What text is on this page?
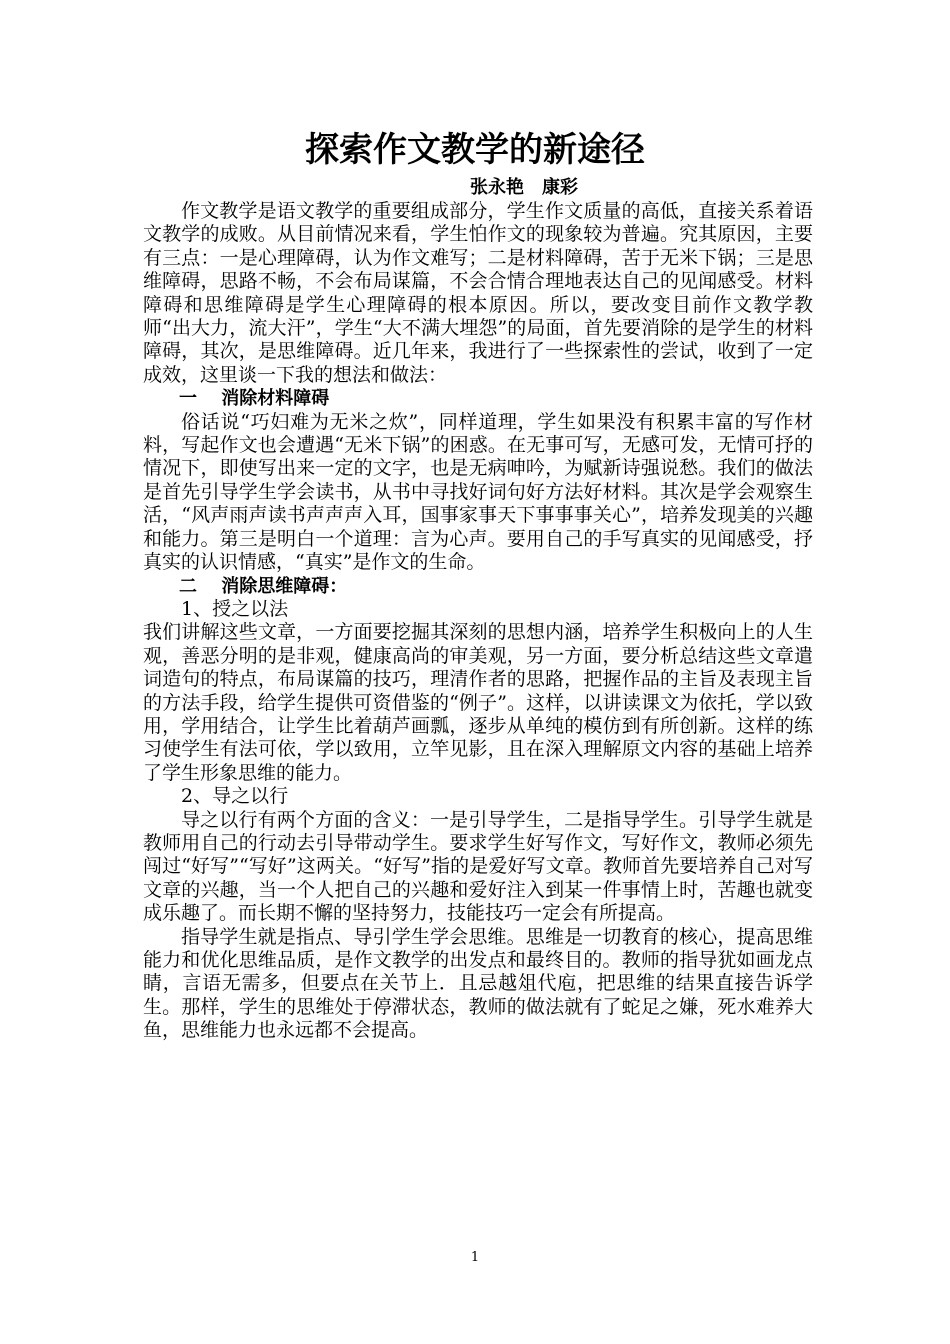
探索作文教学的新途径
张永艳　康彩

作文教学是语文教学的重要组成部分，学生作文质量的高低，直接关系着语文教学的成败。从目前情况来看，学生怕作文的现象较为普遍。究其原因，主要有三点：一是心理障碍，认为作文难写；二是材料障碍，苦于无米下锅；三是思维障碍，思路不畅，不会布局谋篇，不会合情合理地表达自己的见闻感受。材料障碍和思维障碍是学生心理障碍的根本原因。所以，要改变目前作文教学教师“出大力，流大汗”，学生“大不满大埋怨”的局面，首先要消除的是学生的材料障碍，其次，是思维障碍。近几年来，我进行了一些探索性的尝试，收到了一定成效，这里谈一下我的想法和做法：

一　 消除材料障碍

俗话说“巧妇难为无米之炊”，同样道理，学生如果没有积累丰富的写作材料，写起作文也会遭遇“无米下锅”的困惑。在无事可写，无感可发，无情可抒的情况下，即使写出来一定的文字，也是无病呻吟，为赋新诗强说愁。我们的做法是首先引导学生学会读书，从书中寻找好词句好方法好材料。其次是学会观察生活，“风声雨声读书声声声入耳，国事家事天下事事事关心”，培养发现美的兴趣和能力。第三是明白一个道理：言为心声。要用自己的手写真实的见闻感受，抒真实的认识情感，“真实”是作文的生命。

二　 消除思维障碍：

1、授之以法

我们讲解这些文章，一方面要挖掘其深刻的思想内涵，培养学生积极向上的人生观，善恶分明的是非观，健康高尚的审美观，另一方面，要分析总结这些文章遣词造句的特点，布局谋篇的技巧，理清作者的思路，把握作品的主旨及表现主旨的方法手段，给学生提供可资借鉴的“例子”。这样，以讲读课文为依托，学以致用，学用结合，让学生比着葫芦画瓢，逐步从单纯的模仿到有所创新。这样的练习使学生有法可依，学以致用，立竿见影，且在深入理解原文内容的基础上培养了学生形象思维的能力。

2、导之以行

导之以行有两个方面的含义：一是引导学生，二是指导学生。引导学生就是教师用自己的行动去引导带动学生。要求学生好写作文，写好作文，教师必须先闯过“好写”“写好”这两关。“好写”指的是爱好写文章。教师首先要培养自己对写文章的兴趣，当一个人把自己的兴趣和爱好注入到某一件事情上时，苦趣也就变成乐趣了。而长期不懈的坚持努力，技能技巧一定会有所提高。

指导学生就是指点、导引学生学会思维。思维是一切教育的核心，提高思维能力和优化思维品质，是作文教学的出发点和最终目的。教师的指导犹如画龙点睛，言语无需多，但要点在关节上．且忌越俎代庖，把思维的结果直接告诉学生。那样，学生的思维处于停滞状态，教师的做法就有了蛇足之嫌，死水难养大鱼，思维能力也永远都不会提高。

1
